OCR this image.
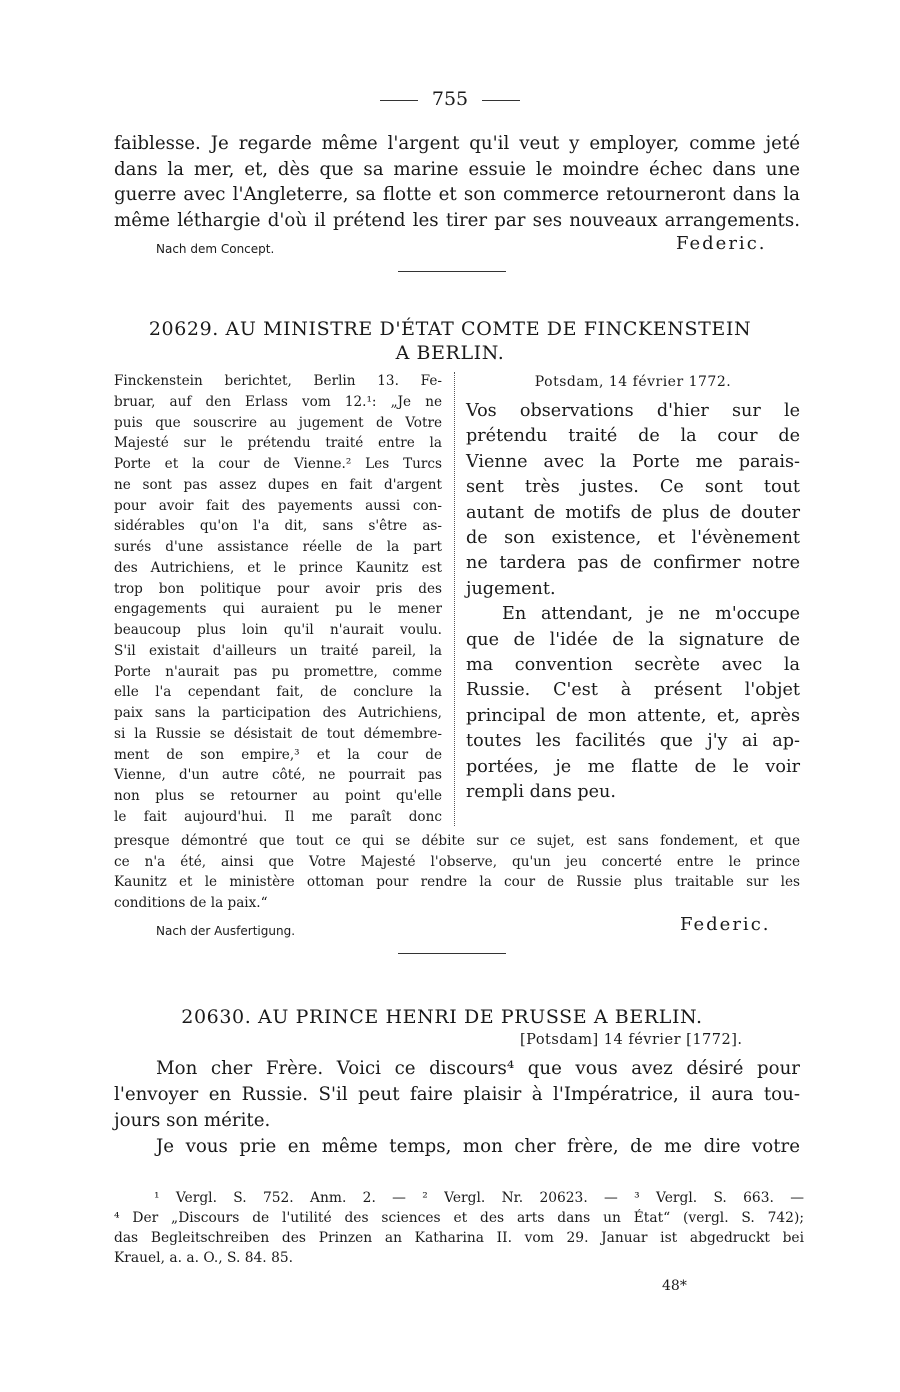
755
faiblesse. Je regarde même l'argent qu'il veut y employer, comme jeté
dans la mer, et, dès que sa marine essuie le moindre échec dans une
guerre avec l'Angleterre, sa flotte et son commerce retourneront dans la
même léthargie d'où il prétend les tirer par ses nouveaux arrangements.
Nach dem Concept.	Federic.
20629. AU MINISTRE D'ÉTAT COMTE DE FINCKENSTEIN
A BERLIN.
Finckenstein berichtet, Berlin 13. Fe-
bruar, auf den Erlass vom 12.¹: „Je ne
puis que souscrire au jugement de Votre
Majesté sur le prétendu traité entre la
Porte et la cour de Vienne.² Les Turcs
ne sont pas assez dupes en fait d'argent
pour avoir fait des payements aussi con-
sidérables qu'on l'a dit, sans s'être as-
surés d'une assistance réelle de la part
des Autrichiens, et le prince Kaunitz est
trop bon politique pour avoir pris des
engagements qui auraient pu le mener
beaucoup plus loin qu'il n'aurait voulu.
S'il existait d'ailleurs un traité pareil, la
Porte n'aurait pas pu promettre, comme
elle l'a cependant fait, de conclure la
paix sans la participation des Autrichiens,
si la Russie se désistait de tout démembre-
ment de son empire,³ et la cour de
Vienne, d'un autre côté, ne pourrait pas
non plus se retourner au point qu'elle
le fait aujourd'hui. Il me paraît donc
Potsdam, 14 février 1772.
Vos observations d'hier sur le
prétendu traité de la cour de
Vienne avec la Porte me parais-
sent très justes. Ce sont tout
autant de motifs de plus de douter
de son existence, et l'évènement
ne tardera pas de confirmer notre
jugement.
En attendant, je ne m'occupe
que de l'idée de la signature de
ma convention secrète avec la
Russie. C'est à présent l'objet
principal de mon attente, et, après
toutes les facilités que j'y ai ap-
portées, je me flatte de le voir
rempli dans peu.
presque démontré que tout ce qui se débite sur ce sujet, est sans fondement, et que
ce n'a été, ainsi que Votre Majesté l'observe, qu'un jeu concerté entre le prince
Kaunitz et le ministère ottoman pour rendre la cour de Russie plus traitable sur les
conditions de la paix.“
Nach der Ausfertigung.	Federic.
20630. AU PRINCE HENRI DE PRUSSE A BERLIN.
[Potsdam] 14 février [1772].
Mon cher Frère. Voici ce discours⁴ que vous avez désiré pour
l'envoyer en Russie. S'il peut faire plaisir à l'Impératrice, il aura tou-
jours son mérite.
Je vous prie en même temps, mon cher frère, de me dire votre
¹ Vergl. S. 752. Anm. 2. — ² Vergl. Nr. 20623. — ³ Vergl. S. 663. —
⁴ Der „Discours de l'utilité des sciences et des arts dans un État“ (vergl. S. 742);
das Begleitschreiben des Prinzen an Katharina II. vom 29. Januar ist abgedruckt bei
Krauel, a. a. O., S. 84. 85.
48*
